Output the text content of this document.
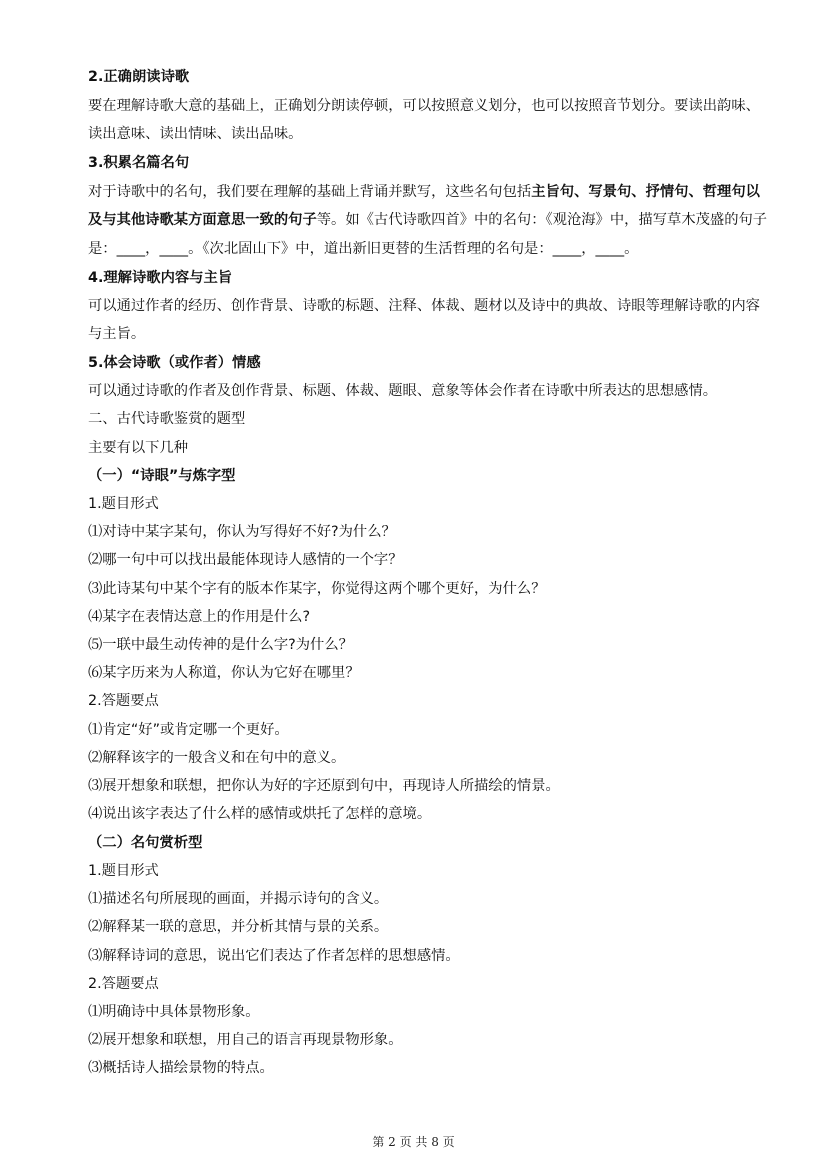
2.正确朗读诗歌
要在理解诗歌大意的基础上，正确划分朗读停顿，可以按照意义划分，也可以按照音节划分。要读出韵味、
读出意味、读出情味、读出品味。
3.积累名篇名句
对于诗歌中的名句，我们要在理解的基础上背诵并默写，这些名句包括主旨句、写景句、抒情句、哲理句以
及与其他诗歌某方面意思一致的句子等。如《古代诗歌四首》中的名句：《观沧海》中，描写草木茂盛的句子
是：____，____。《次北固山下》中，道出新旧更替的生活哲理的名句是：____，____。
4.理解诗歌内容与主旨
可以通过作者的经历、创作背景、诗歌的标题、注释、体裁、题材以及诗中的典故、诗眼等理解诗歌的内容
与主旨。
5.体会诗歌（或作者）情感
可以通过诗歌的作者及创作背景、标题、体裁、题眼、意象等体会作者在诗歌中所表达的思想感情。
二、古代诗歌鉴赏的题型
主要有以下几种
（一）“诗眼”与炼字型
1.题目形式
⑴对诗中某字某句，你认为写得好不好?为什么？
⑵哪一句中可以找出最能体现诗人感情的一个字？
⑶此诗某句中某个字有的版本作某字，你觉得这两个哪个更好，为什么？
⑷某字在表情达意上的作用是什么?
⑸一联中最生动传神的是什么字?为什么？
⑹某字历来为人称道，你认为它好在哪里？
2.答题要点
⑴肯定“好”或肯定哪一个更好。
⑵解释该字的一般含义和在句中的意义。
⑶展开想象和联想，把你认为好的字还原到句中，再现诗人所描绘的情景。
⑷说出该字表达了什么样的感情或烘托了怎样的意境。
（二）名句赏析型
1.题目形式
⑴描述名句所展现的画面，并揭示诗句的含义。
⑵解释某一联的意思，并分析其情与景的关系。
⑶解释诗词的意思，说出它们表达了作者怎样的思想感情。
2.答题要点
⑴明确诗中具体景物形象。
⑵展开想象和联想，用自己的语言再现景物形象。
⑶概括诗人描绘景物的特点。
第 2 页 共 8 页
